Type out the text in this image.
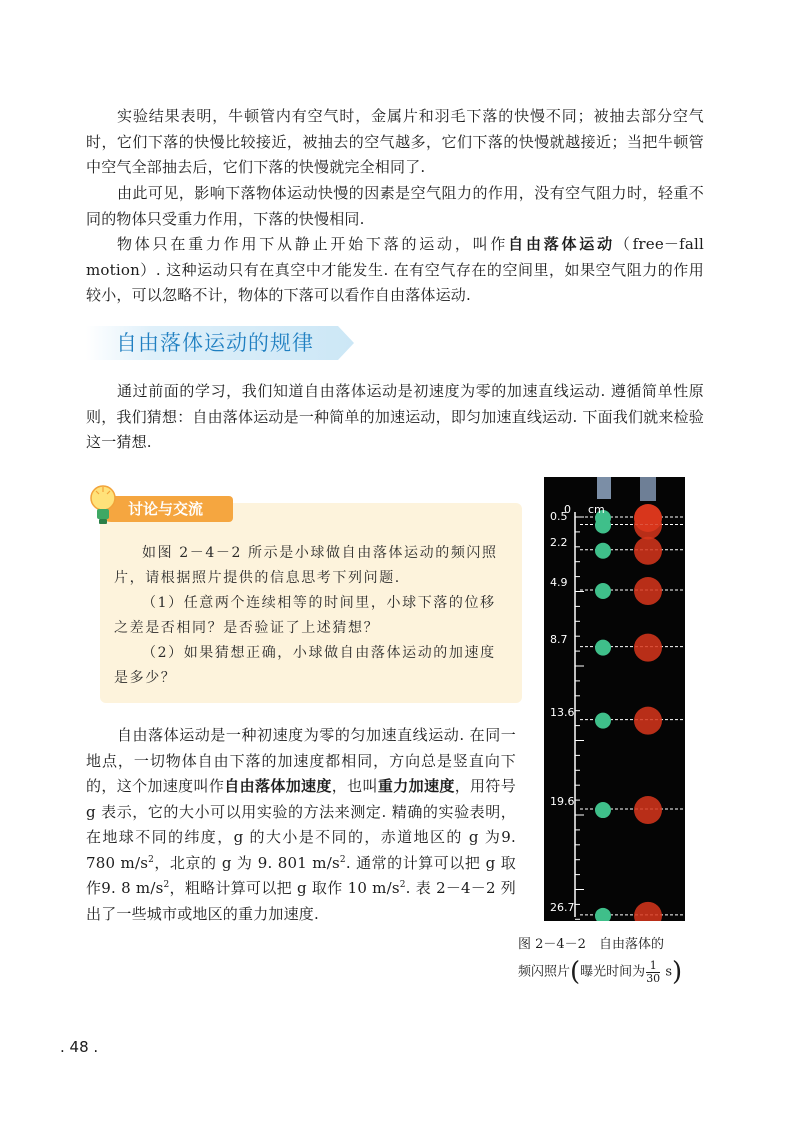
实验结果表明，牛顿管内有空气时，金属片和羽毛下落的快慢不同；被抽去部分空气时，它们下落的快慢比较接近，被抽去的空气越多，它们下落的快慢就越接近；当把牛顿管中空气全部抽去后，它们下落的快慢就完全相同了.

由此可见，影响下落物体运动快慢的因素是空气阻力的作用，没有空气阻力时，轻重不同的物体只受重力作用，下落的快慢相同.

物体只在重力作用下从静止开始下落的运动，叫作自由落体运动（free－fall motion）. 这种运动只有在真空中才能发生. 在有空气存在的空间里，如果空气阻力的作用较小，可以忽略不计，物体的下落可以看作自由落体运动.

自由落体运动的规律

通过前面的学习，我们知道自由落体运动是初速度为零的加速直线运动. 遵循简单性原则，我们猜想：自由落体运动是一种简单的加速运动，即匀加速直线运动. 下面我们就来检验这一猜想.

讨论与交流

如图 2－4－2 所示是小球做自由落体运动的频闪照片，请根据照片提供的信息思考下列问题.

（1）任意两个连续相等的时间里，小球下落的位移之差是否相同？是否验证了上述猜想？

（2）如果猜想正确，小球做自由落体运动的加速度是多少？

自由落体运动是一种初速度为零的匀加速直线运动. 在同一地点，一切物体自由下落的加速度都相同，方向总是竖直向下的，这个加速度叫作自由落体加速度，也叫重力加速度，用符号 g 表示，它的大小可以用实验的方法来测定. 精确的实验表明，在地球不同的纬度，g 的大小是不同的，赤道地区的 g 为9. 780 $m/s^2$，北京的 g 为 9. 801 $m/s^2$. 通常的计算可以把 g 取作9. 8 $m/s^2$，粗略计算可以把 g 取作 10 $m/s^2$. 表 2－4－2 列出了一些城市或地区的重力加速度.

cm
0
0.5
2.2
4.9
8.7
13.6
19.6
26.7
图 2－4－2　自由落体的
频闪照片(曝光时间为 $\frac{1}{30} s$)
. 48 .
